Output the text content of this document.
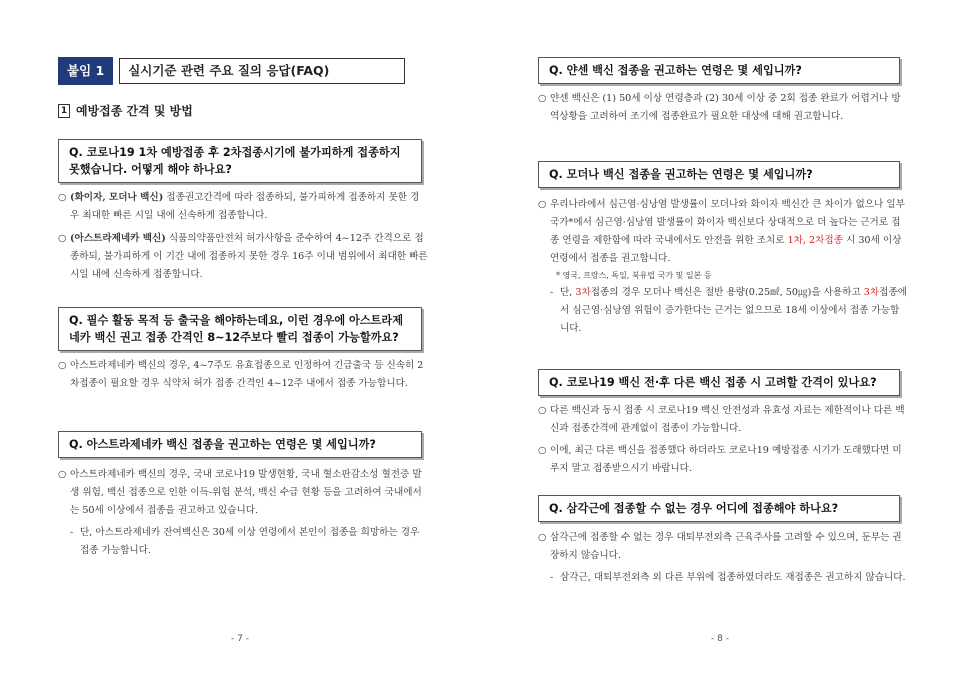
붙임 1	실시기준 관련 주요 질의 응답(FAQ)
1 예방접종 간격 및 방법
Q. 코로나19 1차 예방접종 후 2차접종시기에 불가피하게 접종하지 못했습니다. 어떻게 해야 하나요?
○ (화이자, 모더나 백신) 접종권고간격에 따라 접종하되, 불가피하게 접종하지 못한 경우 최대한 빠른 시일 내에 신속하게 접종합니다.

○ (아스트라제네카 백신) 식품의약품안전처 허가사항을 준수하여 4~12주 간격으로 접종하되, 불가피하게 이 기간 내에 접종하지 못한 경우 16주 이내 범위에서 최대한 빠른 시일 내에 신속하게 접종합니다.

Q. 필수 활동 목적 등 출국을 해야하는데요, 이런 경우에 아스트라제네카 백신 권고 접종 간격인 8~12주보다 빨리 접종이 가능할까요?
○ 아스트라제네카 백신의 경우, 4~7주도 유효접종으로 인정하여 긴급출국 등 신속히 2차접종이 필요할 경우 식약처 허가 접종 간격인 4~12주 내에서 접종 가능합니다.

Q. 아스트라제네카 백신 접종을 권고하는 연령은 몇 세입니까?
○ 아스트라제네카 백신의 경우, 국내 코로나19 발생현황, 국내 혈소판감소성 혈전증 발생 위험, 백신 접종으로 인한 이득-위험 분석, 백신 수급 현황 등을 고려하여 국내에서는 50세 이상에서 접종을 권고하고 있습니다.

- 단, 아스트라제네카 잔여백신은 30세 이상 연령에서 본인이 접종을 희망하는 경우 접종 가능합니다.

- 7 -
Q. 얀센 백신 접종을 권고하는 연령은 몇 세입니까?
○ 얀센 백신은 (1) 50세 이상 연령층과 (2) 30세 이상 중 2회 접종 완료가 어렵거나 방역상황을 고려하여 조기에 접종완료가 필요한 대상에 대해 권고합니다.

Q. 모더나 백신 접종을 권고하는 연령은 몇 세입니까?
○ 우리나라에서 심근염·심낭염 발생률이 모더나와 화이자 백신간 큰 차이가 없으나 일부 국가*에서 심근염·심낭염 발생률이 화이자 백신보다 상대적으로 더 높다는 근거로 접종 연령을 제한함에 따라 국내에서도 안전을 위한 조치로 1차, 2차접종 시 30세 이상 연령에서 접종을 권고합니다.

* 영국, 프랑스, 독일, 북유럽 국가 및 일본 등
- 단, 3차접종의 경우 모더나 백신은 절반 용량(0.25㎖, 50㎍)을 사용하고 3차접종에서 심근염·심낭염 위험이 증가한다는 근거는 없으므로 18세 이상에서 접종 가능합니다.

Q. 코로나19 백신 전·후 다른 백신 접종 시 고려할 간격이 있나요?
○ 다른 백신과 동시 접종 시 코로나19 백신 안전성과 유효성 자료는 제한적이나 다른 백신과 접종간격에 관계없이 접종이 가능합니다.

○ 이에, 최근 다른 백신을 접종했다 하더라도 코로나19 예방접종 시기가 도래했다면 미루지 말고 접종받으시기 바랍니다.

Q. 삼각근에 접종할 수 없는 경우 어디에 접종해야 하나요?
○ 삼각근에 접종할 수 없는 경우 대퇴부전외측 근육주사를 고려할 수 있으며, 둔부는 권장하지 않습니다.

- 삼각근, 대퇴부전외측 외 다른 부위에 접종하였더라도 재접종은 권고하지 않습니다.

- 8 -
